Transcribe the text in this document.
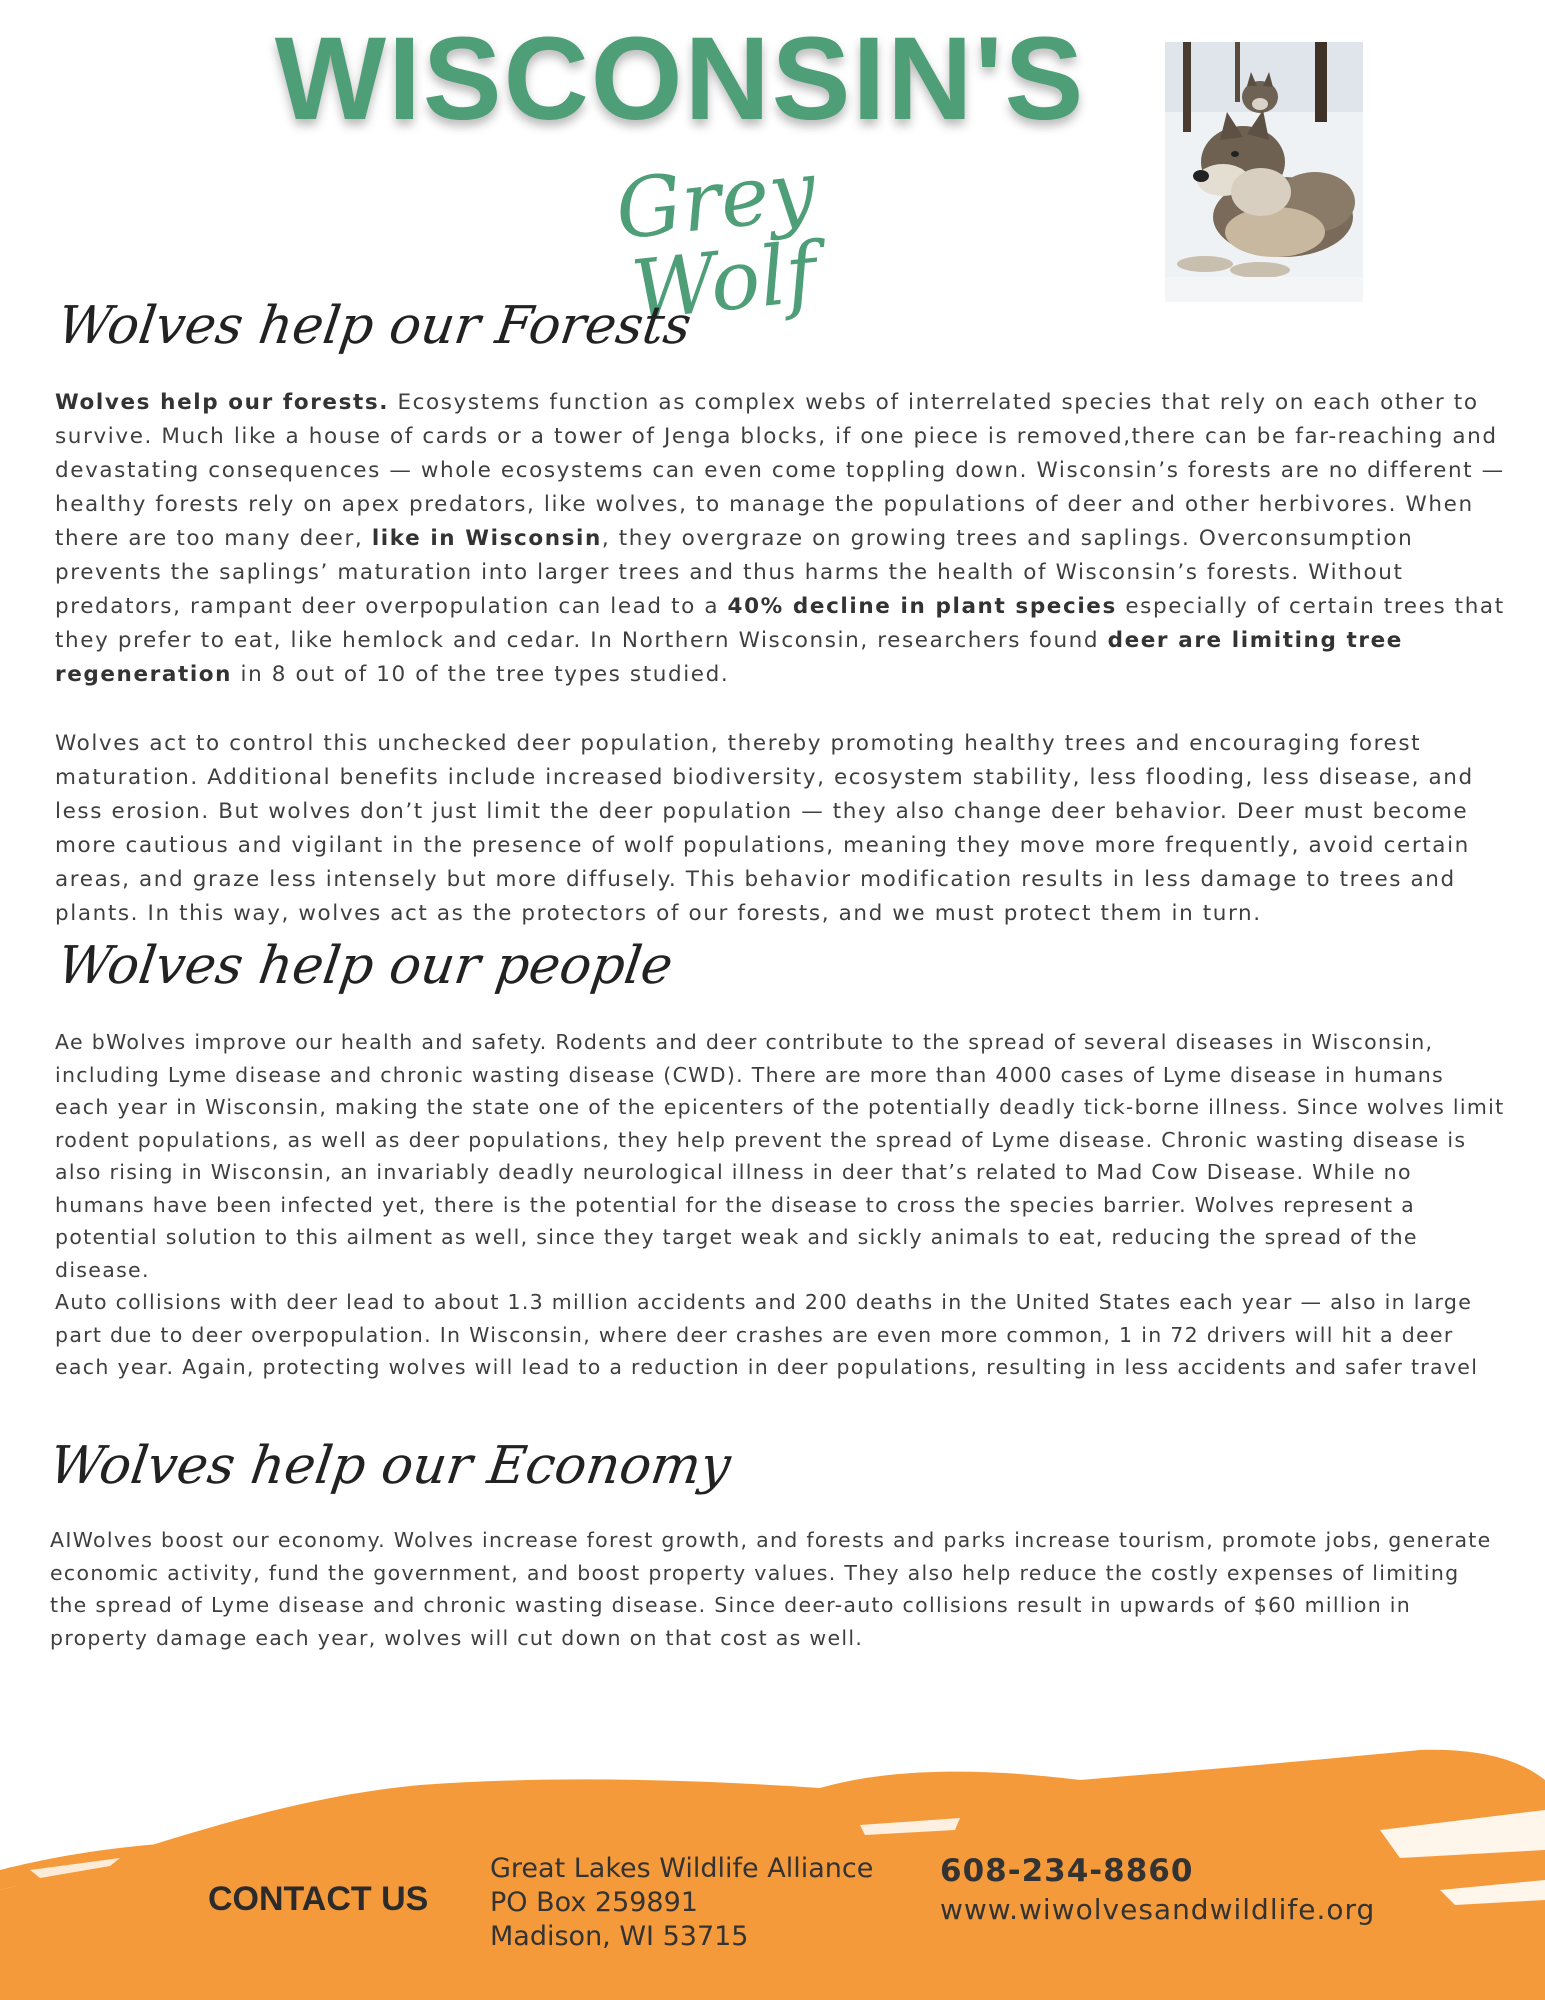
WISCONSIN'S
Grey Wolf
Wolves help our Forests

Wolves help our forests. Ecosystems function as complex webs of interrelated species that rely on each other to survive. Much like a house of cards or a tower of Jenga blocks, if one piece is removed,there can be far-reaching and devastating consequences — whole ecosystems can even come toppling down. Wisconsin’s forests are no different — healthy forests rely on apex predators, like wolves, to manage the populations of deer and other herbivores. When there are too many deer, like in Wisconsin, they overgraze on growing trees and saplings. Overconsumption prevents the saplings’ maturation into larger trees and thus harms the health of Wisconsin’s forests. Without predators, rampant deer overpopulation can lead to a 40% decline in plant species especially of certain trees that they prefer to eat, like hemlock and cedar. In Northern Wisconsin, researchers found deer are limiting tree regeneration in 8 out of 10 of the tree types studied.

Wolves act to control this unchecked deer population, thereby promoting healthy trees and encouraging forest maturation. Additional benefits include increased biodiversity, ecosystem stability, less flooding, less disease, and less erosion. But wolves don’t just limit the deer population — they also change deer behavior. Deer must become more cautious and vigilant in the presence of wolf populations, meaning they move more frequently, avoid certain areas, and graze less intensely but more diffusely. This behavior modification results in less damage to trees and plants. In this way, wolves act as the protectors of our forests, and we must protect them in turn.

Wolves help our people

Ae bWolves improve our health and safety. Rodents and deer contribute to the spread of several diseases in Wisconsin, including Lyme disease and chronic wasting disease (CWD). There are more than 4000 cases of Lyme disease in humans each year in Wisconsin, making the state one of the epicenters of the potentially deadly tick-borne illness. Since wolves limit rodent populations, as well as deer populations, they help prevent the spread of Lyme disease. Chronic wasting disease is also rising in Wisconsin, an invariably deadly neurological illness in deer that’s related to Mad Cow Disease. While no humans have been infected yet, there is the potential for the disease to cross the species barrier. Wolves represent a potential solution to this ailment as well, since they target weak and sickly animals to eat, reducing the spread of the disease.

Auto collisions with deer lead to about 1.3 million accidents and 200 deaths in the United States each year — also in large part due to deer overpopulation. In Wisconsin, where deer crashes are even more common, 1 in 72 drivers will hit a deer each year. Again, protecting wolves will lead to a reduction in deer populations, resulting in less accidents and safer travel

Wolves help our Economy

AIWolves boost our economy. Wolves increase forest growth, and forests and parks increase tourism, promote jobs, generate economic activity, fund the government, and boost property values. They also help reduce the costly expenses of limiting the spread of Lyme disease and chronic wasting disease. Since deer-auto collisions result in upwards of $60 million in property damage each year, wolves will cut down on that cost as well.

CONTACT US
Great Lakes Wildlife Alliance
PO Box 259891
Madison, WI 53715
608-234-8860
www.wiwolvesandwildlife.org
